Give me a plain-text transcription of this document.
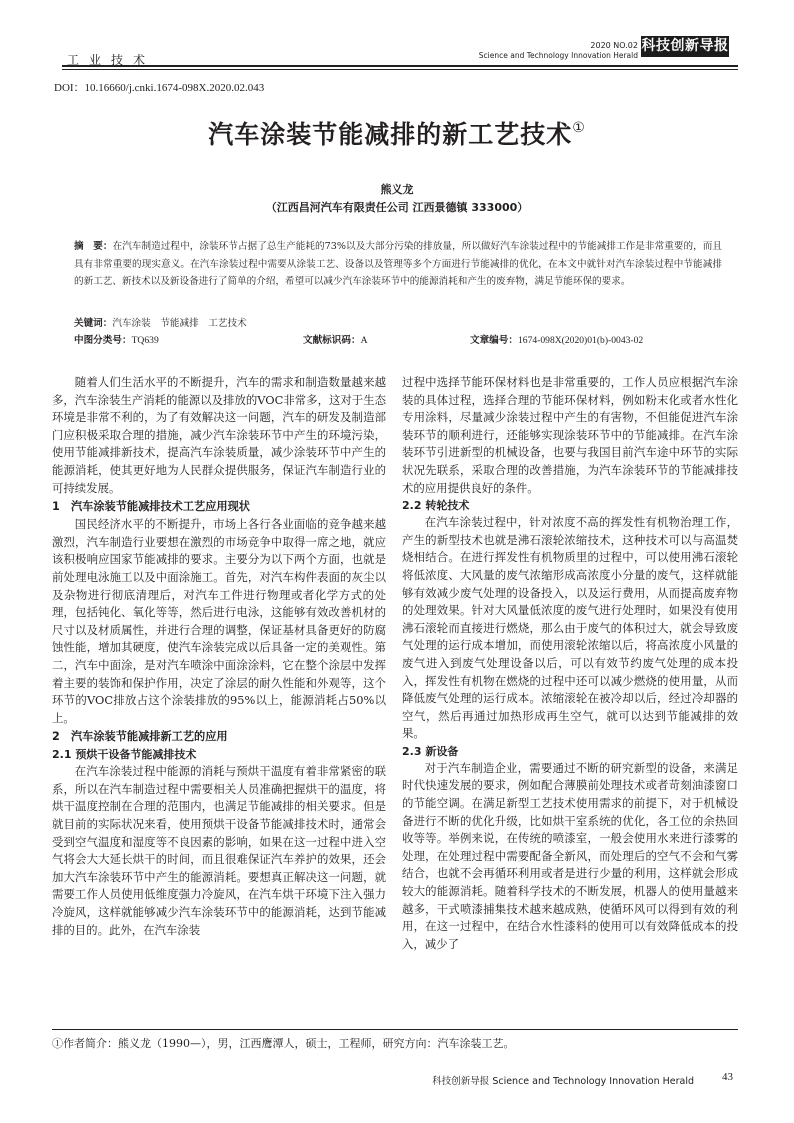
工业技术
2020 NO.02
Science and Technology Innovation Herald
科技创新导报
DOI：10.16660/j.cnki.1674-098X.2020.02.043
汽车涂装节能减排的新工艺技术①
熊义龙
（江西昌河汽车有限责任公司 江西景德镇 333000）
摘　要：在汽车制造过程中，涂装环节占据了总生产能耗的73%以及大部分污染的排放量，所以做好汽车涂装过程中的节能减排工作是非常重要的，而且具有非常重要的现实意义。在汽车涂装过程中需要从涂装工艺、设备以及管理等多个方面进行节能减排的优化，在本文中就针对汽车涂装过程中节能减排的新工艺、新技术以及新设备进行了简单的介绍，希望可以减少汽车涂装环节中的能源消耗和产生的废弃物，满足节能环保的要求。
关键词：汽车涂装　节能减排　工艺技术
中图分类号：TQ639	文献标识码：A	文章编号：1674-098X(2020)01(b)-0043-02

随着人们生活水平的不断提升，汽车的需求和制造数量越来越多，汽车涂装生产消耗的能源以及排放的VOC非常多，这对于生态环境是非常不利的，为了有效解决这一问题，汽车的研发及制造部门应积极采取合理的措施，减少汽车涂装环节中产生的环境污染，使用节能减排新技术，提高汽车涂装质量，减少涂装环节中产生的能源消耗，使其更好地为人民群众提供服务，保证汽车制造行业的可持续发展。

1　汽车涂装节能减排技术工艺应用现状

国民经济水平的不断提升，市场上各行各业面临的竞争越来越激烈，汽车制造行业要想在激烈的市场竞争中取得一席之地，就应该积极响应国家节能减排的要求。主要分为以下两个方面，也就是前处理电泳施工以及中面涂施工。首先，对汽车构件表面的灰尘以及杂物进行彻底清理后，对汽车工件进行物理或者化学方式的处理，包括钝化、氧化等等，然后进行电泳，这能够有效改善机材的尺寸以及材质属性，并进行合理的调整，保证基材具备更好的防腐蚀性能，增加其硬度，使汽车涂装完成以后具备一定的美观性。第二，汽车中面涂，是对汽车喷涂中面涂涂料，它在整个涂层中发挥着主要的装饰和保护作用，决定了涂层的耐久性能和外观等，这个环节的VOC排放占这个涂装排放的95%以上，能源消耗占50%以上。

2　汽车涂装节能减排新工艺的应用
2.1 预烘干设备节能减排技术

在汽车涂装过程中能源的消耗与预烘干温度有着非常紧密的联系，所以在汽车制造过程中需要相关人员准确把握烘干的温度，将烘干温度控制在合理的范围内，也满足节能减排的相关要求。但是就目前的实际状况来看，使用预烘干设备节能减排技术时，通常会受到空气温度和湿度等不良因素的影响，如果在这一过程中进入空气将会大大延长烘干的时间，而且很难保证汽车养护的效果，还会加大汽车涂装环节中产生的能源消耗。要想真正解决这一问题，就需要工作人员使用低维度强力冷旋风，在汽车烘干环境下注入强力冷旋风，这样就能够减少汽车涂装环节中的能源消耗，达到节能减排的目的。此外，在汽车涂装

过程中选择节能环保材料也是非常重要的，工作人员应根据汽车涂装的具体过程，选择合理的节能环保材料，例如粉末化或者水性化专用涂料，尽量减少涂装过程中产生的有害物，不但能促进汽车涂装环节的顺利进行，还能够实现涂装环节中的节能减排。在汽车涂装环节引进新型的机械设备，也要与我国目前汽车途中环节的实际状况先联系，采取合理的改善措施，为汽车涂装环节的节能减排技术的应用提供良好的条件。

2.2 转轮技术

在汽车涂装过程中，针对浓度不高的挥发性有机物治理工作，产生的新型技术也就是沸石滚轮浓缩技术，这种技术可以与高温焚烧相结合。在进行挥发性有机物质里的过程中，可以使用沸石滚轮将低浓度、大风量的废气浓缩形成高浓度小分量的废气，这样就能够有效减少废气处理的设备投入，以及运行费用，从而提高废弃物的处理效果。针对大风量低浓度的废气进行处理时，如果没有使用沸石滚轮而直接进行燃烧，那么由于废气的体积过大，就会导致废气处理的运行成本增加，而使用滚轮浓缩以后，将高浓度小风量的废气进入到废气处理设备以后，可以有效节约废气处理的成本投入，挥发性有机物在燃烧的过程中还可以减少燃烧的使用量，从而降低废气处理的运行成本。浓缩滚轮在被冷却以后，经过冷却器的空气，然后再通过加热形成再生空气，就可以达到节能减排的效果。

2.3 新设备

对于汽车制造企业，需要通过不断的研究新型的设备，来满足时代快速发展的要求，例如配合薄膜前处理技术或者苛刻油漆窗口的节能空调。在满足新型工艺技术使用需求的前提下，对于机械设备进行不断的优化升级，比如烘干室系统的优化，各工位的余热回收等等。举例来说，在传统的喷漆室，一般会使用水来进行漆雾的处理，在处理过程中需要配备全新风，而处理后的空气不会和气雾结合，也就不会再循环利用或者是进行少量的利用，这样就会形成较大的能源消耗。随着科学技术的不断发展，机器人的使用量越来越多，干式喷漆捕集技术越来越成熟，使循环风可以得到有效的利用，在这一过程中，在结合水性漆料的使用可以有效降低成本的投入，减少了

①作者简介：熊义龙（1990—），男，江西鹰潭人，硕士，工程师，研究方向：汽车涂装工艺。
科技创新导报 Science and Technology Innovation Herald	43
